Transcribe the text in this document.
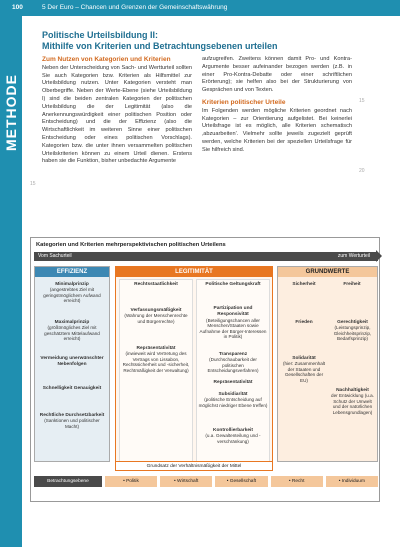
100	5 Der Euro – Chancen und Grenzen der Gemeinschaftswährung
METHODE
Politische Urteilsbildung II:
Mithilfe von Kriterien und Betrachtungsebenen urteilen
Zum Nutzen von Kategorien und Kriterien

Neben der Unterscheidung von Sach- und Wertturteil sollten Sie auch Kategorien bzw. Kriterien als Hilfsmittel zur Urteilsbildung nutzen. Unter Kategorien versteht man Oberbegriffe. Neben der Werte-Ebene (siehe Urteilsbildung I) sind die beiden zentralen Kategorien der politischen Urteilsbildung die der Legitimität (also die Anerkennungswürdigkeit einer politischen Position oder Entscheidung) und die der Effizienz (also die Wirtschaftlichkeit im weiteren Sinne einer politischen Entscheidung oder eines politischen Vorschlags). Kategorien bzw. die unter ihnen versammelten politischen Urteilskriterien können zu einem Urteil dienen. Erstens haben sie die Funktion, bisher unbedachte Argumente

15

aufzugreifen. Zweitens können damit Pro- und Kontra-Argumente besser aufeinander bezogen werden (z.B. in einer Pro-Kontra-Debatte oder einer schriftlichen Erörterung); sie helfen also bei der Strukturierung von Gesprächen und von Texten.

Kriterien politischer Urteile

Im Folgenden werden mögliche Kriterien geordnet nach Kategorien – zur Orientierung aufgelistet. Bei keinerlei Urteilsfrage ist es möglich, alle Kriterien schematisch ‚abzuarbeiten'. Vielmehr sollte jeweils zugezielt geprüft werden, welche Kriterien bei der speziellen Urteilsfrage für Sie hilfreich sind.

15
20
Kategorien und Kriterien mehrperspektivischen politischen Urteilens
Vom Sachurteil	zum Werturteil
EFFIZIENZ
Minimalprinzip
(angestrebtes Ziel mit geringstmöglichem Aufwand erreicht)
Maximalprinzip
(größtmögliches Ziel mit geschätztem Mittelaufwand erreicht)
Vermeidung unerwünschter Nebenfolgen
Schnelligkeit Genauigkeit
Rechtliche Durchsetzbarkeit
(Sanktionen und politischer Macht)
LEGITIMITÄT
Rechtsstaatlichkeit	Politische Geltungskraft
Verfassungsmäßigkeit
(Wahrung der Menschenrechte und Bürgerrechte)
Repräsentativität
(inwieweit wird Vertretung des Vertrags von Lissabon, Rechtssicherheit und -sicherheit, Rechtmäßigkeit der Verwaltung)
Partizipation und Responsivität
(Beteiligungschancen aller Menschen/Staaten sowie Aufnahme der Bürger-Interessen in Politik)
Transparenz
(Durchschaubarkeit der politischen Entscheidungsverfahren)
Repräsentativität
Subsidiarität
(politische Entscheidung auf möglichst niedriger Ebene treffen)
Kontrollierbarkeit
(u.a. Gewaltenteilung und -verschränkung)
GRUNDWERTE
Sicherheit	Freiheit
Frieden
Solidarität
(hier: Zusammenhalt der Staaten und Gesellschaften der EU)
Gerechtigkeit
(Leistungsprinzip, Gleichheitsprinzip, Bedarfsprinzip)
Nachhaltigkeit
der Entwicklung (u.a. Schutz der Umwelt und der natürlichen Lebensgrundlagen)
Grundsatz der Verhältnismäßigkeit der Mittel
Betrachtungsebene	• Politik	• Wirtschaft	• Gesellschaft	• Recht	• Individuum
